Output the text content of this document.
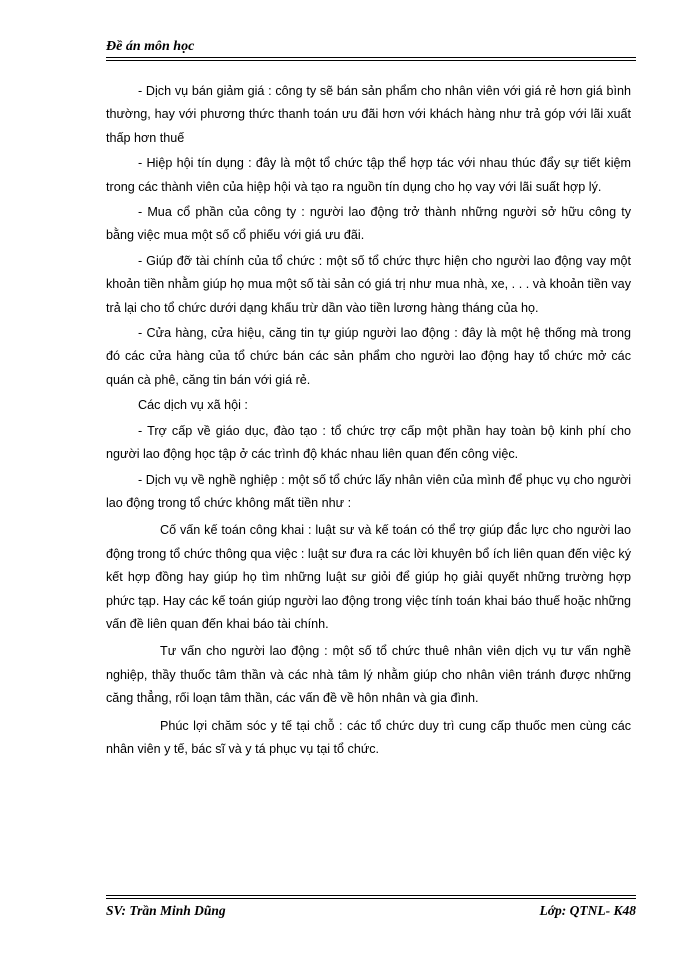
Đề án môn học

- Dịch vụ bán giảm giá : công ty sẽ bán sản phẩm cho nhân viên với giá rẻ hơn giá bình thường, hay với phương thức thanh toán ưu đãi hơn với khách hàng như trả góp với lãi xuất thấp hơn thuế

- Hiệp hội tín dụng : đây là một tổ chức tập thể hợp tác với nhau thúc đẩy sự tiết kiệm trong các thành viên của hiệp hội và tạo ra nguồn tín dụng cho họ vay với lãi suất hợp lý.

- Mua cổ phần của công ty : người lao động trở thành những người sở hữu công ty bằng việc mua một số cổ phiếu với giá ưu đãi.

- Giúp đỡ tài chính của tổ chức : một số tổ chức thực hiện cho người lao động vay một khoản tiền nhằm giúp họ mua một số tài sản có giá trị như mua nhà, xe, . . . và khoản tiền vay trả lại cho tổ chức dưới dạng khấu trừ dần vào tiền lương hàng tháng của họ.

- Cửa hàng, cửa hiệu, căng tin tự giúp người lao động : đây là một hệ thống mà trong đó các cửa hàng của tổ chức bán các sản phẩm cho người lao động hay tổ chức mở các quán cà phê, căng tin bán với giá rẻ.

Các dịch vụ xã hội :

- Trợ cấp về giáo dục, đào tạo : tổ chức trợ cấp một phần hay toàn bộ kinh phí cho người lao động học tập ở các trình độ khác nhau liên quan đến công việc.

- Dịch vụ về nghề nghiệp : một số tổ chức lấy nhân viên của mình để phục vụ cho người lao động trong tổ chức không mất tiền như :

Cố vấn kế toán công khai : luật sư và kế toán có thể trợ giúp đắc lực cho người lao động trong tổ chức thông qua việc : luật sư đưa ra các lời khuyên bổ ích liên quan đến việc ký kết hợp đồng hay giúp họ tìm những luật sư giỏi để giúp họ giải quyết những trường hợp phức tạp. Hay các kế toán giúp người lao động trong việc tính toán khai báo thuế hoặc những vấn đề liên quan đến khai báo tài chính.

Tư vấn cho người lao động : một số tổ chức thuê nhân viên dịch vụ tư vấn nghề nghiệp, thầy thuốc tâm thần và các nhà tâm lý nhằm giúp cho nhân viên tránh được những căng thẳng, rối loạn tâm thần, các vấn đề về hôn nhân và gia đình.

Phúc lợi chăm sóc y tế tại chỗ : các tổ chức duy trì cung cấp thuốc men cùng các nhân viên y tế, bác sĩ và y tá phục vụ tại tổ chức.

SV: Trần Minh Dũng	Lớp: QTNL- K48
